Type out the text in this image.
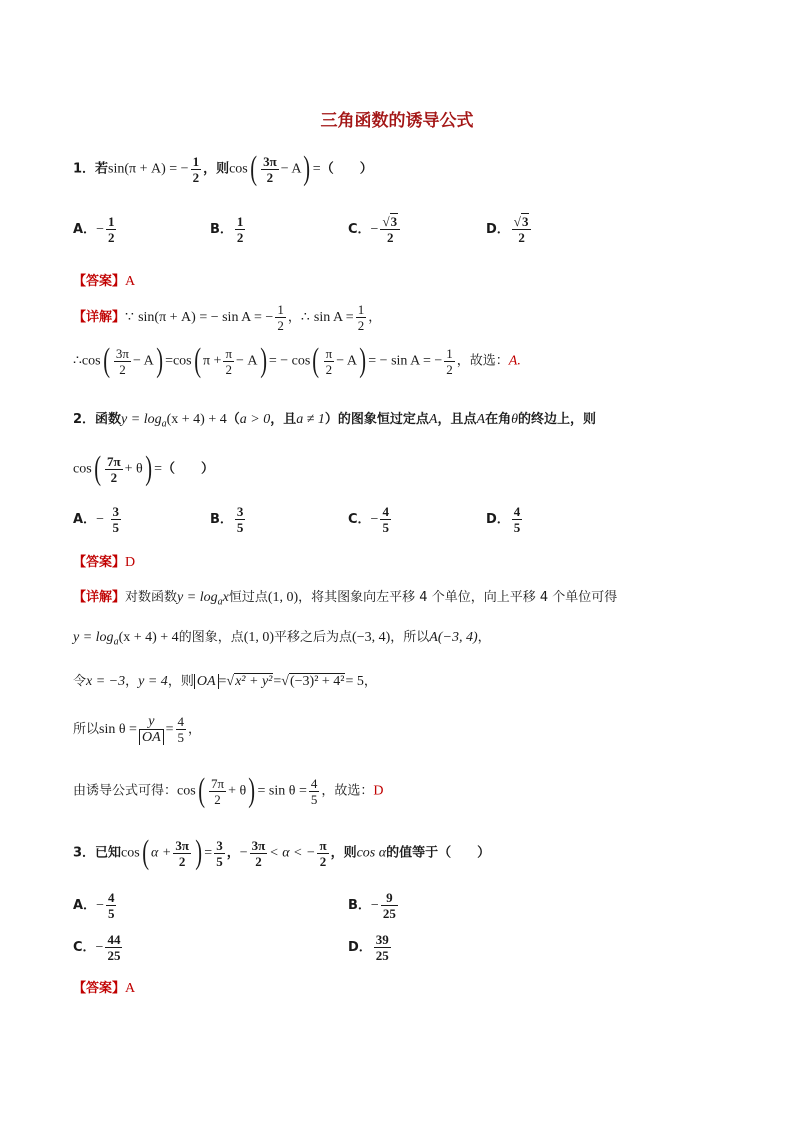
三角函数的诱导公式
1．若sin(π + A) = − $\frac{1}{2}$ ，则$\cos( \frac{3\pi}{2} - A)$ =（　　）
A．− $\frac{1}{2}$	B． $\frac{1}{2}$	C．− $\frac{√3}{2}$	D． $\frac{√3}{2}$
【答案】A
【详解】∵ sin(π + A) = − sin A = − $\frac{1}{2}$ ，∴ $\sin A = \frac{1}{2}$ ，
∴cos( $\frac{3\pi}{2} - A) =\cos$( $\pi + \frac{\pi}{2} - A$) = − $\cos( \frac{\pi}{2} - A)$ = − sin A = − $\frac{1}{2}$ ，故选：A.
2．函数$y = \log_a(x + 4) + 4(a > 0$，且a ≠ 1）的图象恒过定点A，且点A在角θ的终边上，则
$\cos( \frac{7\pi}{2} + \theta)$ =（　　）
A．− $\frac{3}{5}$	B． $\frac{3}{5}$	C．− $\frac{4}{5}$	D． $\frac{4}{5}$
【答案】D
【详解】对数函数$y = \log_ax$恒过点(1, 0)，将其图象向左平移 4 个单位，向上平移 4 个单位可得
$y = \log_a(x + 4) + 4$的图象，点(1, 0)平移之后为点(−3, 4)，所以A(−3, 4)，
令x = −3，y = 4，则 OA =√x² + y²=√(−3)² + 4²= 5，
所以$\sin \theta = \frac{y}{OA} = \frac{4}{5}$ ，
由诱导公式可得：$\cos( \frac{7\pi}{2} + \theta) = \sin \theta = \frac{4}{5}$ ，故选：D
3．已知cos( $\alpha + \frac{3\pi}{2}$ ) = $\frac{3}{5}$ ，− $\frac{3\pi}{2} < \alpha$ < − $\frac{\pi}{2}$ ，则cos α的值等于（　　）
A．− $\frac{4}{5}$	B．− $\frac{9}{25}$
C．− $\frac{44}{25}$	D． $\frac{39}{25}$
【答案】A
